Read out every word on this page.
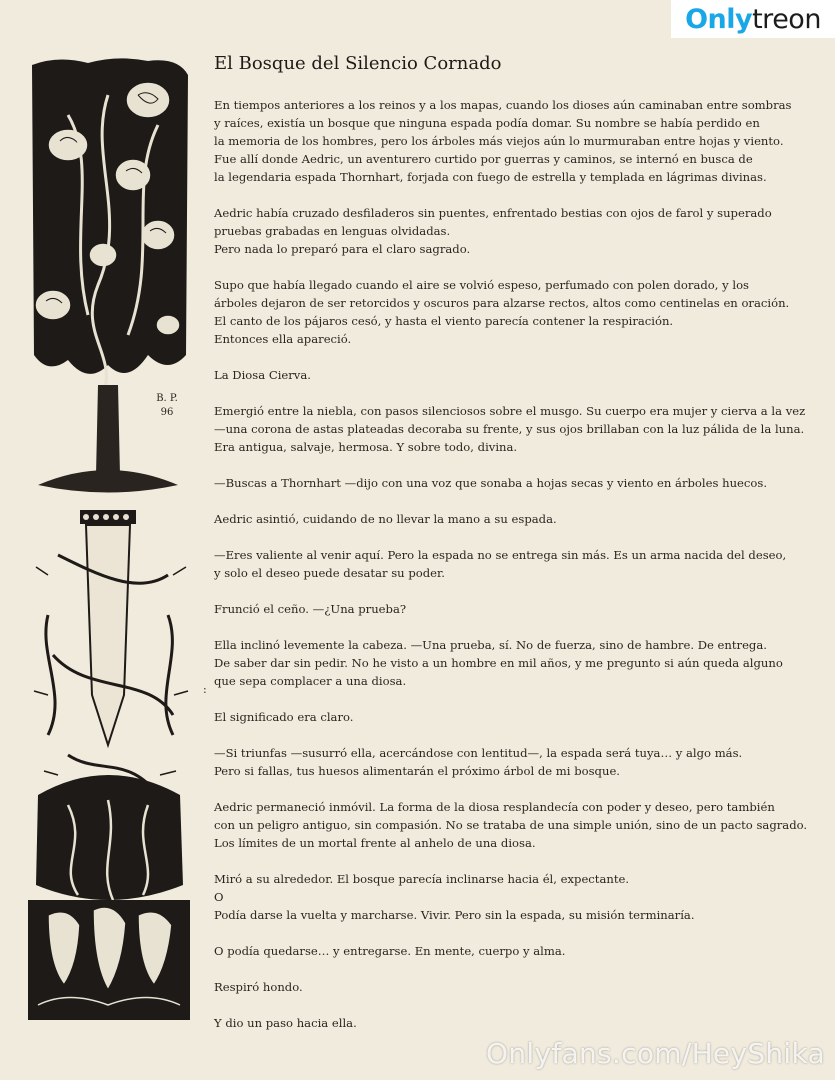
Only treon
B. P. 96
El Bosque del Silencio Cornado
En tiempos anteriores a los reinos y a los mapas, cuando los dioses aún caminaban entre sombras
y raíces, existía un bosque que ninguna espada podía domar. Su nombre se había perdido en
la memoria de los hombres, pero los árboles más viejos aún lo murmuraban entre hojas y viento.
Fue allí donde Aedric, un aventurero curtido por guerras y caminos, se internó en busca de
la legendaria espada Thornhart, forjada con fuego de estrella y templada en lágrimas divinas.
Aedric había cruzado desfiladeros sin puentes, enfrentado bestias con ojos de farol y superado
pruebas grabadas en lenguas olvidadas.
Pero nada lo preparó para el claro sagrado.
Supo que había llegado cuando el aire se volvió espeso, perfumado con polen dorado, y los
árboles dejaron de ser retorcidos y oscuros para alzarse rectos, altos como centinelas en oración.
El canto de los pájaros cesó, y hasta el viento parecía contener la respiración.
Entonces ella apareció.
La Diosa Cierva.
Emergió entre la niebla, con pasos silenciosos sobre el musgo. Su cuerpo era mujer y cierva a la vez
—una corona de astas plateadas decoraba su frente, y sus ojos brillaban con la luz pálida de la luna.
Era antigua, salvaje, hermosa. Y sobre todo, divina.
—Buscas a Thornhart —dijo con una voz que sonaba a hojas secas y viento en árboles huecos.
Aedric asintió, cuidando de no llevar la mano a su espada.
—Eres valiente al venir aquí. Pero la espada no se entrega sin más. Es un arma nacida del deseo,
y solo el deseo puede desatar su poder.
Frunció el ceño. —¿Una prueba?
Ella inclinó levemente la cabeza. —Una prueba, sí. No de fuerza, sino de hambre. De entrega.
De saber dar sin pedir. No he visto a un hombre en mil años, y me pregunto si aún queda alguno
que sepa complacer a una diosa.
El significado era claro.
—Si triunfas —susurró ella, acercándose con lentitud—, la espada será tuya… y algo más.
Pero si fallas, tus huesos alimentarán el próximo árbol de mi bosque.
Aedric permaneció inmóvil. La forma de la diosa resplandecía con poder y deseo, pero también
con un peligro antiguo, sin compasión. No se trataba de una simple unión, sino de un pacto sagrado.
Los límites de un mortal frente al anhelo de una diosa.
Miró a su alrededor. El bosque parecía inclinarse hacia él, expectante.
O
Podía darse la vuelta y marcharse. Vivir. Pero sin la espada, su misión terminaría.
O podía quedarse… y entregarse. En mente, cuerpo y alma.
Respiró hondo.
Y dio un paso hacia ella.
:
Onlyfans.com/HeyShika
